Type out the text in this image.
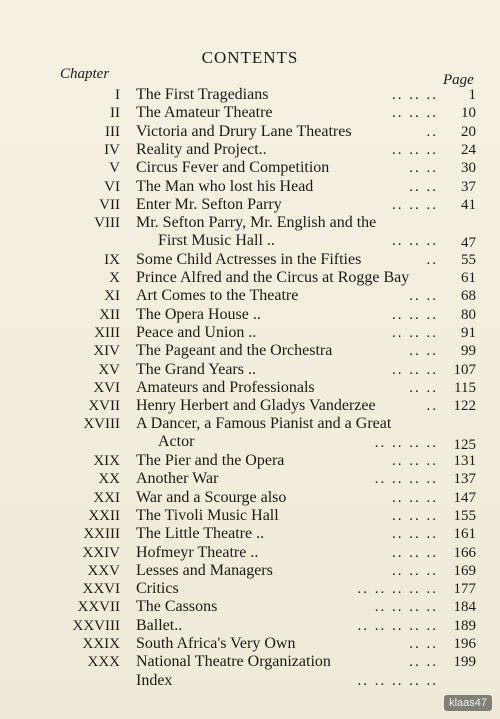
CONTENTS
Chapter	Page
I The First Tragedians	.. .. ..	1
II The Amateur Theatre	.. .. ..	10
III Victoria and Drury Lane Theatres	..	20
IV Reality and Project..	.. .. ..	24
V Circus Fever and Competition	.. ..	30
VI The Man who lost his Head	.. ..	37
VII Enter Mr. Sefton Parry	.. .. ..	41
VIII Mr. Sefton Parry, Mr. English and the
First Music Hall ..	.. .. ..	47
IX Some Child Actresses in the Fifties	..	55
X Prince Alfred and the Circus at Rogge Bay	61
XI Art Comes to the Theatre	.. ..	68
XII The Opera House ..	.. .. ..	80
XIII Peace and Union ..	.. .. ..	91
XIV The Pageant and the Orchestra	.. ..	99
XV The Grand Years ..	.. .. ..	107
XVI Amateurs and Professionals	.. ..	115
XVII Henry Herbert and Gladys Vanderzee	..	122
XVIII A Dancer, a Famous Pianist and a Great
Actor	.. .. .. ..	125
XIX The Pier and the Opera	.. .. ..	131
XX Another War	.. .. .. ..	137
XXI War and a Scourge also	.. .. ..	147
XXII The Tivoli Music Hall	.. .. ..	155
XXIII The Little Theatre ..	.. .. ..	161
XXIV Hofmeyr Theatre ..	.. .. ..	166
XXV Lesses and Managers	.. .. ..	169
XXVI Critics	.. .. .. .. ..	177
XXVII The Cassons	.. .. .. ..	184
XXVIII Ballet..	.. .. .. .. ..	189
XXIX South Africa's Very Own	.. ..	196
XXX National Theatre Organization	.. ..	199
Index	.. .. .. .. ..
klaas47
